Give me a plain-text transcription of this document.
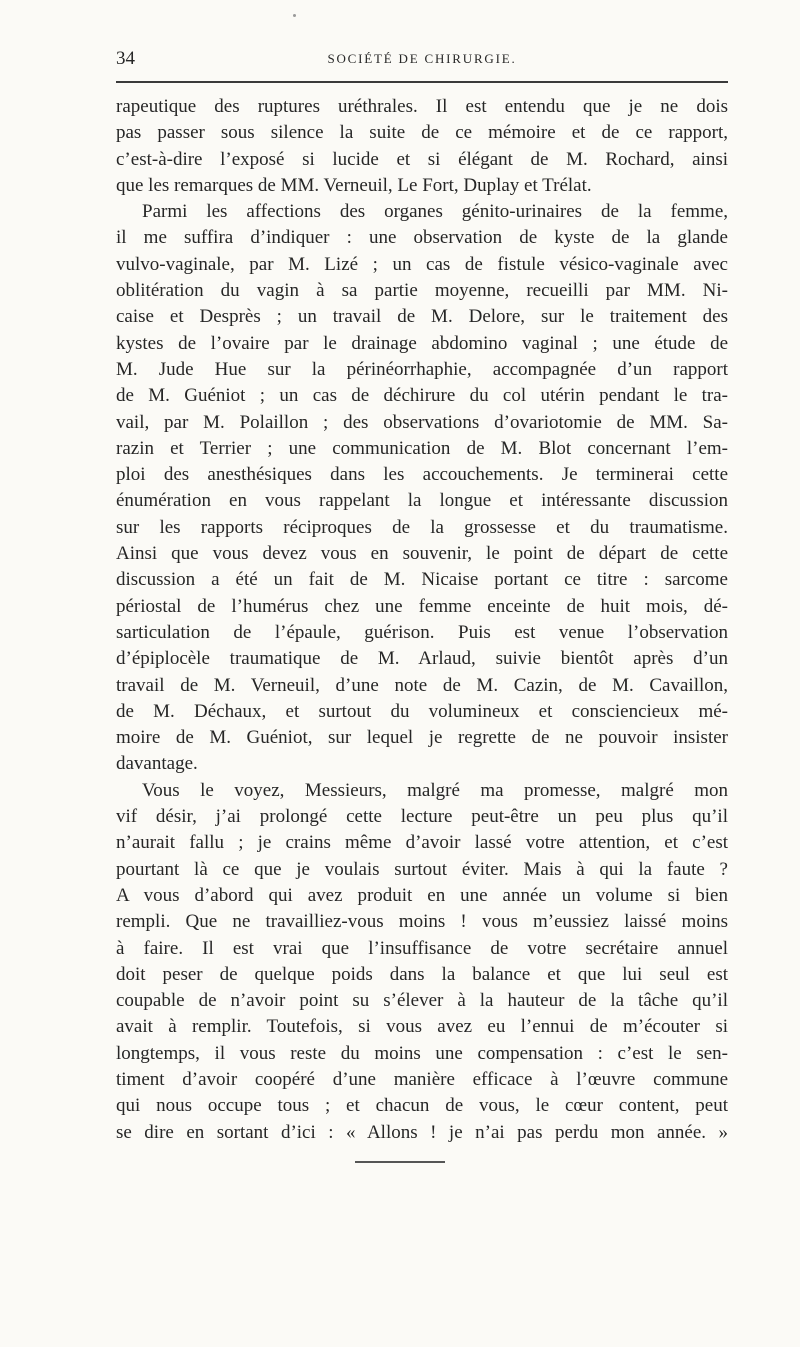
34	SOCIÉTÉ DE CHIRURGIE.
rapeutique des ruptures uréthrales. Il est entendu que je ne dois
pas passer sous silence la suite de ce mémoire et de ce rapport,
c’est-à-dire l’exposé si lucide et si élégant de M. Rochard, ainsi
que les remarques de MM. Verneuil, Le Fort, Duplay et Trélat.
Parmi les affections des organes génito-urinaires de la femme,
il me suffira d’indiquer : une observation de kyste de la glande
vulvo-vaginale, par M. Lizé ; un cas de fistule vésico-vaginale avec
oblitération du vagin à sa partie moyenne, recueilli par MM. Ni-
caise et Desprès ; un travail de M. Delore, sur le traitement des
kystes de l’ovaire par le drainage abdomino vaginal ; une étude de
M. Jude Hue sur la périnéorrhaphie, accompagnée d’un rapport
de M. Guéniot ; un cas de déchirure du col utérin pendant le tra-
vail, par M. Polaillon ; des observations d’ovariotomie de MM. Sa-
razin et Terrier ; une communication de M. Blot concernant l’em-
ploi des anesthésiques dans les accouchements. Je terminerai cette
énumération en vous rappelant la longue et intéressante discussion
sur les rapports réciproques de la grossesse et du traumatisme.
Ainsi que vous devez vous en souvenir, le point de départ de cette
discussion a été un fait de M. Nicaise portant ce titre : sarcome
périostal de l’humérus chez une femme enceinte de huit mois, dé-
sarticulation de l’épaule, guérison. Puis est venue l’observation
d’épiplocèle traumatique de M. Arlaud, suivie bientôt après d’un
travail de M. Verneuil, d’une note de M. Cazin, de M. Cavaillon,
de M. Déchaux, et surtout du volumineux et consciencieux mé-
moire de M. Guéniot, sur lequel je regrette de ne pouvoir insister
davantage.
Vous le voyez, Messieurs, malgré ma promesse, malgré mon
vif désir, j’ai prolongé cette lecture peut-être un peu plus qu’il
n’aurait fallu ; je crains même d’avoir lassé votre attention, et c’est
pourtant là ce que je voulais surtout éviter. Mais à qui la faute ?
A vous d’abord qui avez produit en une année un volume si bien
rempli. Que ne travailliez-vous moins ! vous m’eussiez laissé moins
à faire. Il est vrai que l’insuffisance de votre secrétaire annuel
doit peser de quelque poids dans la balance et que lui seul est
coupable de n’avoir point su s’élever à la hauteur de la tâche qu’il
avait à remplir. Toutefois, si vous avez eu l’ennui de m’écouter si
longtemps, il vous reste du moins une compensation : c’est le sen-
timent d’avoir coopéré d’une manière efficace à l’œuvre commune
qui nous occupe tous ; et chacun de vous, le cœur content, peut
se dire en sortant d’ici : « Allons ! je n’ai pas perdu mon année. »
